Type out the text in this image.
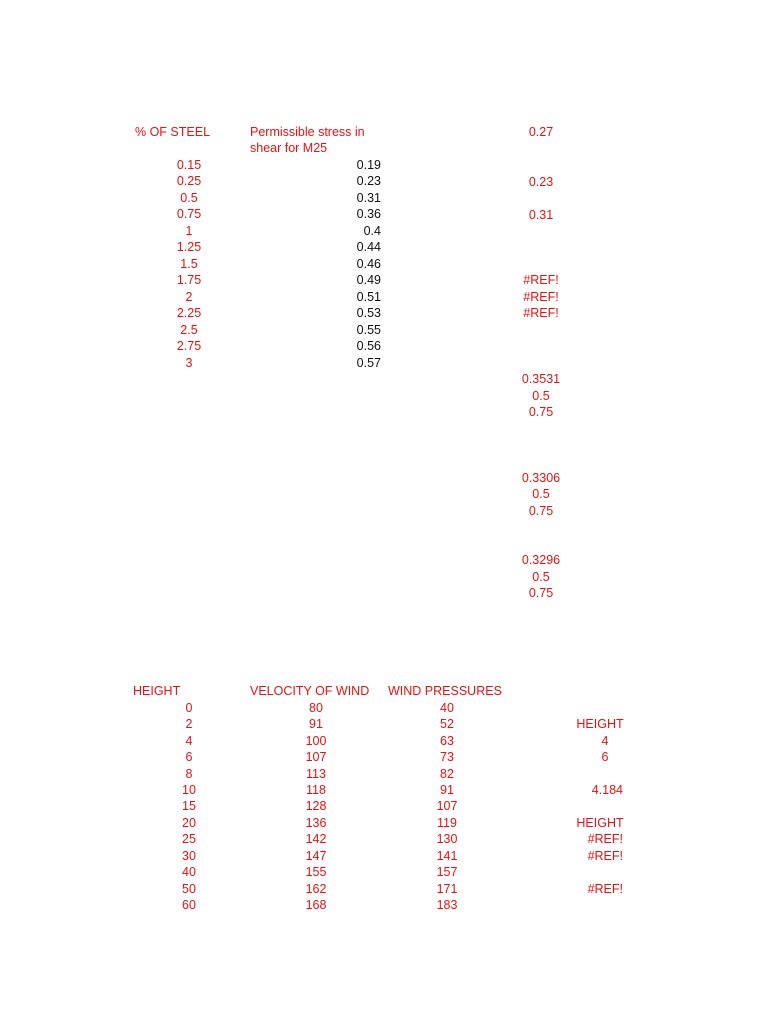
% OF STEEL	Permissible stress in
shear for M25
0.15
0.25
0.5
0.75
1
1.25
1.5
1.75
2
2.25
2.5
2.75
3
0.19
0.23
0.31
0.36
0.4
0.44
0.46
0.49
0.51
0.53
0.55
0.56
0.57
0.27
0.23
0.31
#REF!
#REF!
#REF!
0.3531
0.5
0.75
0.3306
0.5
0.75
0.3296
0.5
0.75
HEIGHT	VELOCITY OF WIND WIND PRESSURES
0
2
4
6
8
10
15
20
25
30
40
50
60
80
91
100
107
113
118
128
136
142
147
155
162
168
40
52
63
73
82
91
107
119
130
141
157
171
183
HEIGHT
4
6
4.184
HEIGHT
#REF!
#REF!
#REF!
